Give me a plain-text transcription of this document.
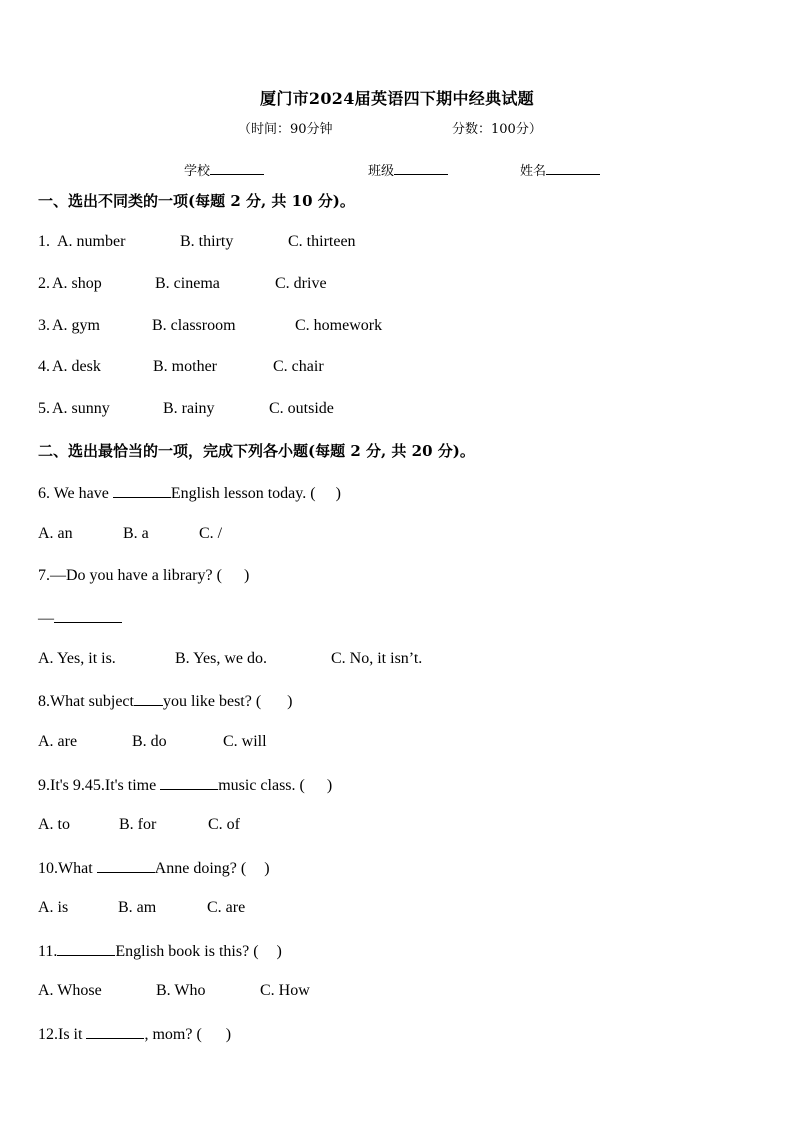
厦门市2024届英语四下期中经典试题
（时间：90分钟	分数：100分）
学校	班级	姓名
一、选出不同类的一项(每题 2 分, 共 10 分)。
1. A. number	B. thirty	C. thirteen
2. A. shop	B. cinema	C. drive
3. A. gym	B. classroom	C. homework
4. A. desk	B. mother	C. chair
5. A. sunny	B. rainy	C. outside
二、选出最恰当的一项，完成下列各小题(每题 2 分, 共 20 分)。
6. We have	English lesson today. ( )
A. an	B. a	C. /
7.—Do you have a library? ( )
—
A. Yes, it is.	B. Yes, we do.	C. No, it isn’t.
8.What subject you like best? ( )
A. are	B. do	C. will
9.It's 9.45.It's time	music class. ( )
A. to	B. for	C. of
10.What	Anne doing? ( )
A. is	B. am	C. are
11.	English book is this? ( )
A. Whose	B. Who	C. How
12.Is it	, mom? ( )
